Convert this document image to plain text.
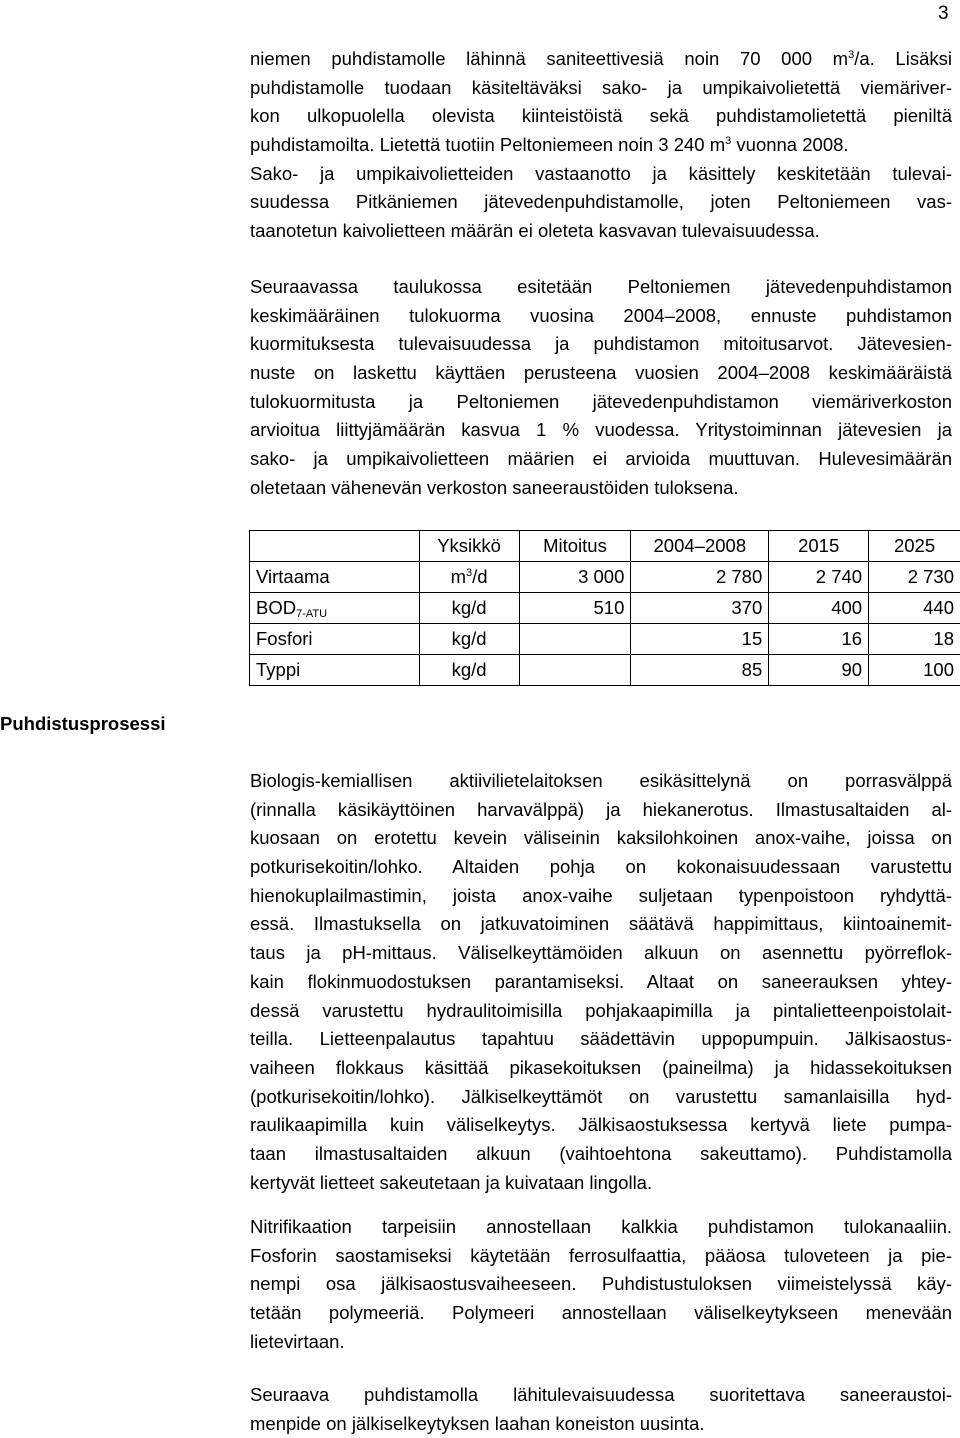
3
niemen puhdistamolle lähinnä saniteettivesiä noin 70 000 $m^3/a$. Lisäksi
puhdistamolle tuodaan käsiteltäväksi sako- ja umpikaivolietettä viemäriver-
kon ulkopuolella olevista kiinteistöistä sekä puhdistamolietettä pieniltä
puhdistamoilta. Lietettä tuotiin Peltoniemeen noin 3 240 $m^3$ vuonna 2008.
Sako- ja umpikaivolietteiden vastaanotto ja käsittely keskitetään tulevai-
suudessa Pitkäniemen jätevedenpuhdistamolle, joten Peltoniemeen vas-
taanotetun kaivolietteen määrän ei oleteta kasvavan tulevaisuudessa.
Seuraavassa taulukossa esitetään Peltoniemen jätevedenpuhdistamon
keskimääräinen tulokuorma vuosina 2004–2008, ennuste puhdistamon
kuormituksesta tulevaisuudessa ja puhdistamon mitoitusarvot. Jätevesien-
nuste on laskettu käyttäen perusteena vuosien 2004–2008 keskimääräistä
tulokuormitusta ja Peltoniemen jätevedenpuhdistamon viemäriverkoston
arvioitua liittyjämäärän kasvua 1 % vuodessa. Yritystoiminnan jätevesien ja
sako- ja umpikaivolietteen määrien ei arvioida muuttuvan. Hulevesimäärän
oletetaan vähenevän verkoston saneeraustöiden tuloksena.
	Yksikkö	Mitoitus	2004–2008	2015	2025
Virtaama	$m^3/d$	3 000	2 780	2 740	2 730
$BOD_{7-ATU}$	kg/d	510	370	400	440
Fosfori	kg/d		15	16	18
Typpi	kg/d		85	90	100
Puhdistusprosessi
Biologis-kemiallisen aktiivilietelaitoksen esikäsittelynä on porrasvälppä
(rinnalla käsikäyttöinen harvavälppä) ja hiekanerotus. Ilmastusaltaiden al-
kuosaan on erotettu kevein väliseinin kaksilohkoinen anox-vaihe, joissa on
potkurisekoitin/lohko. Altaiden pohja on kokonaisuudessaan varustettu
hienokuplailmastimin, joista anox-vaihe suljetaan typenpoistoon ryhdyttä-
essä. Ilmastuksella on jatkuvatoiminen säätävä happimittaus, kiintoainemit-
taus ja pH-mittaus. Väliselkeyttämöiden alkuun on asennettu pyörreflok-
kain flokinmuodostuksen parantamiseksi. Altaat on saneerauksen yhtey-
dessä varustettu hydraulitoimisilla pohjakaapimilla ja pintalietteenpoistolait-
teilla. Lietteenpalautus tapahtuu säädettävin uppopumpuin. Jälkisaostus-
vaiheen flokkaus käsittää pikasekoituksen (paineilma) ja hidassekoituksen
(potkurisekoitin/lohko). Jälkiselkeyttämöt on varustettu samanlaisilla hyd-
raulikaapimilla kuin väliselkeytys. Jälkisaostuksessa kertyvä liete pumpa-
taan ilmastusaltaiden alkuun (vaihtoehtona sakeuttamo). Puhdistamolla
kertyvät lietteet sakeutetaan ja kuivataan lingolla.
Nitrifikaation tarpeisiin annostellaan kalkkia puhdistamon tulokanaaliin.
Fosforin saostamiseksi käytetään ferrosulfaattia, pääosa tuloveteen ja pie-
nempi osa jälkisaostusvaiheeseen. Puhdistustuloksen viimeistelyssä käy-
tetään polymeeriä. Polymeeri annostellaan väliselkeytykseen menevään
lietevirtaan.
Seuraava puhdistamolla lähitulevaisuudessa suoritettava saneeraustoi-
menpide on jälkiselkeytyksen laahan koneiston uusinta.
